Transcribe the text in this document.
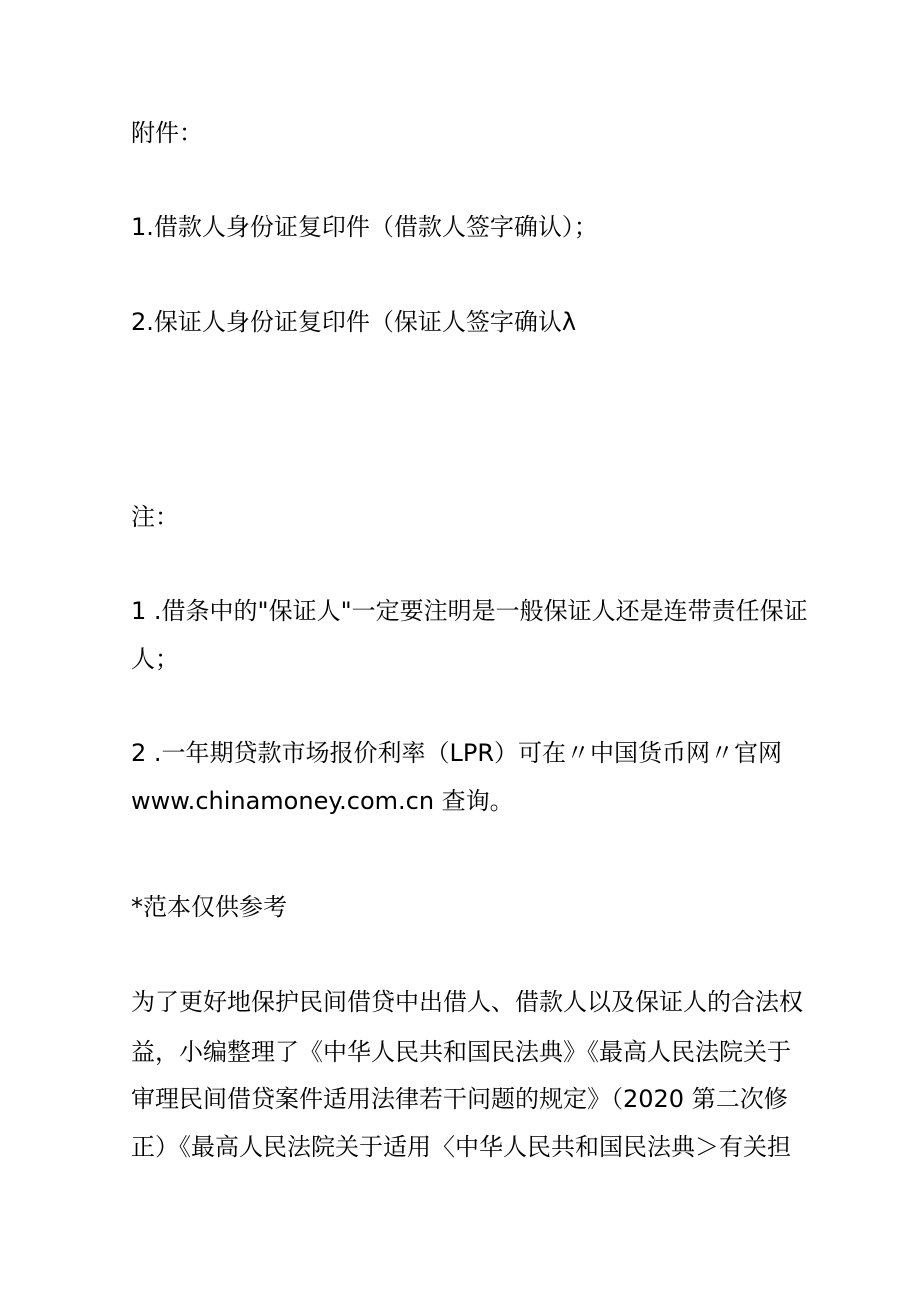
附件：

1.借款人身份证复印件（借款人签字确认）；

2.保证人身份证复印件（保证人签字确认λ

注：

1 .借条中的"保证人"一定要注明是一般保证人还是连带责任保证

人；

2 .一年期贷款市场报价利率（LPR）可在〃中国货币网〃官网

www.chinamoney.com.cn 查询。

*范本仅供参考

为了更好地保护民间借贷中出借人、借款人以及保证人的合法权

益，小编整理了《中华人民共和国民法典》《最高人民法院关于

审理民间借贷案件适用法律若干问题的规定》（2020 第二次修

正）《最高人民法院关于适用〈中华人民共和国民法典＞有关担
